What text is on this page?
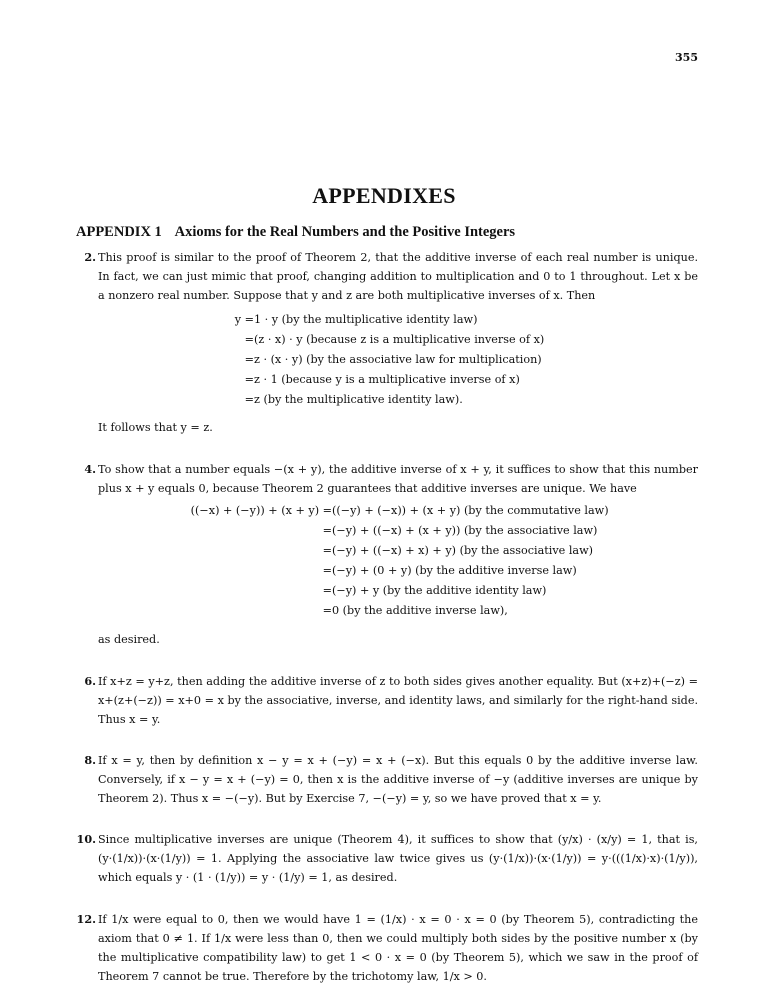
355
APPENDIXES
APPENDIX 1 Axioms for the Real Numbers and the Positive Integers
2. This proof is similar to the proof of Theorem 2, that the additive inverse of each real number is unique. In fact, we can just mimic that proof, changing addition to multiplication and 0 to 1 throughout. Let x be a nonzero real number. Suppose that y and z are both multiplicative inverses of x. Then
y =1 · y (by the multiplicative identity law)
=(z · x) · y (because z is a multiplicative inverse of x)
=z · (x · y) (by the associative law for multiplication)
=z · 1 (because y is a multiplicative inverse of x)
=z (by the multiplicative identity law).
It follows that y = z.
4. To show that a number equals −(x + y), the additive inverse of x + y, it suffices to show that this number plus x + y equals 0, because Theorem 2 guarantees that additive inverses are unique. We have
((−x) + (−y)) + (x + y) =((−y) + (−x)) + (x + y) (by the commutative law)
=(−y) + ((−x) + (x + y)) (by the associative law)
=(−y) + ((−x) + x) + y) (by the associative law)
=(−y) + (0 + y) (by the additive inverse law)
=(−y) + y (by the additive identity law)
=0 (by the additive inverse law),
as desired.
6. If x+z = y+z, then adding the additive inverse of z to both sides gives another equality. But (x+z)+(−z) = x+(z+(−z)) = x+0 = x by the associative, inverse, and identity laws, and similarly for the right-hand side. Thus x = y.
8. If x = y, then by definition x − y = x + (−y) = x + (−x). But this equals 0 by the additive inverse law. Conversely, if x − y = x + (−y) = 0, then x is the additive inverse of −y (additive inverses are unique by Theorem 2). Thus x = −(−y). But by Exercise 7, −(−y) = y, so we have proved that x = y.
10. Since multiplicative inverses are unique (Theorem 4), it suffices to show that (y/x) · (x/y) = 1, that is, (y·(1/x))·(x·(1/y)) = 1. Applying the associative law twice gives us (y·(1/x))·(x·(1/y)) = y·(((1/x)·x)·(1/y)), which equals y · (1 · (1/y)) = y · (1/y) = 1, as desired.
12. If 1/x were equal to 0, then we would have 1 = (1/x) · x = 0 · x = 0 (by Theorem 5), contradicting the axiom that 0 ≠ 1. If 1/x were less than 0, then we could multiply both sides by the positive number x (by the multiplicative compatibility law) to get 1 < 0 · x = 0 (by Theorem 5), which we saw in the proof of Theorem 7 cannot be true. Therefore by the trichotomy law, 1/x > 0.
